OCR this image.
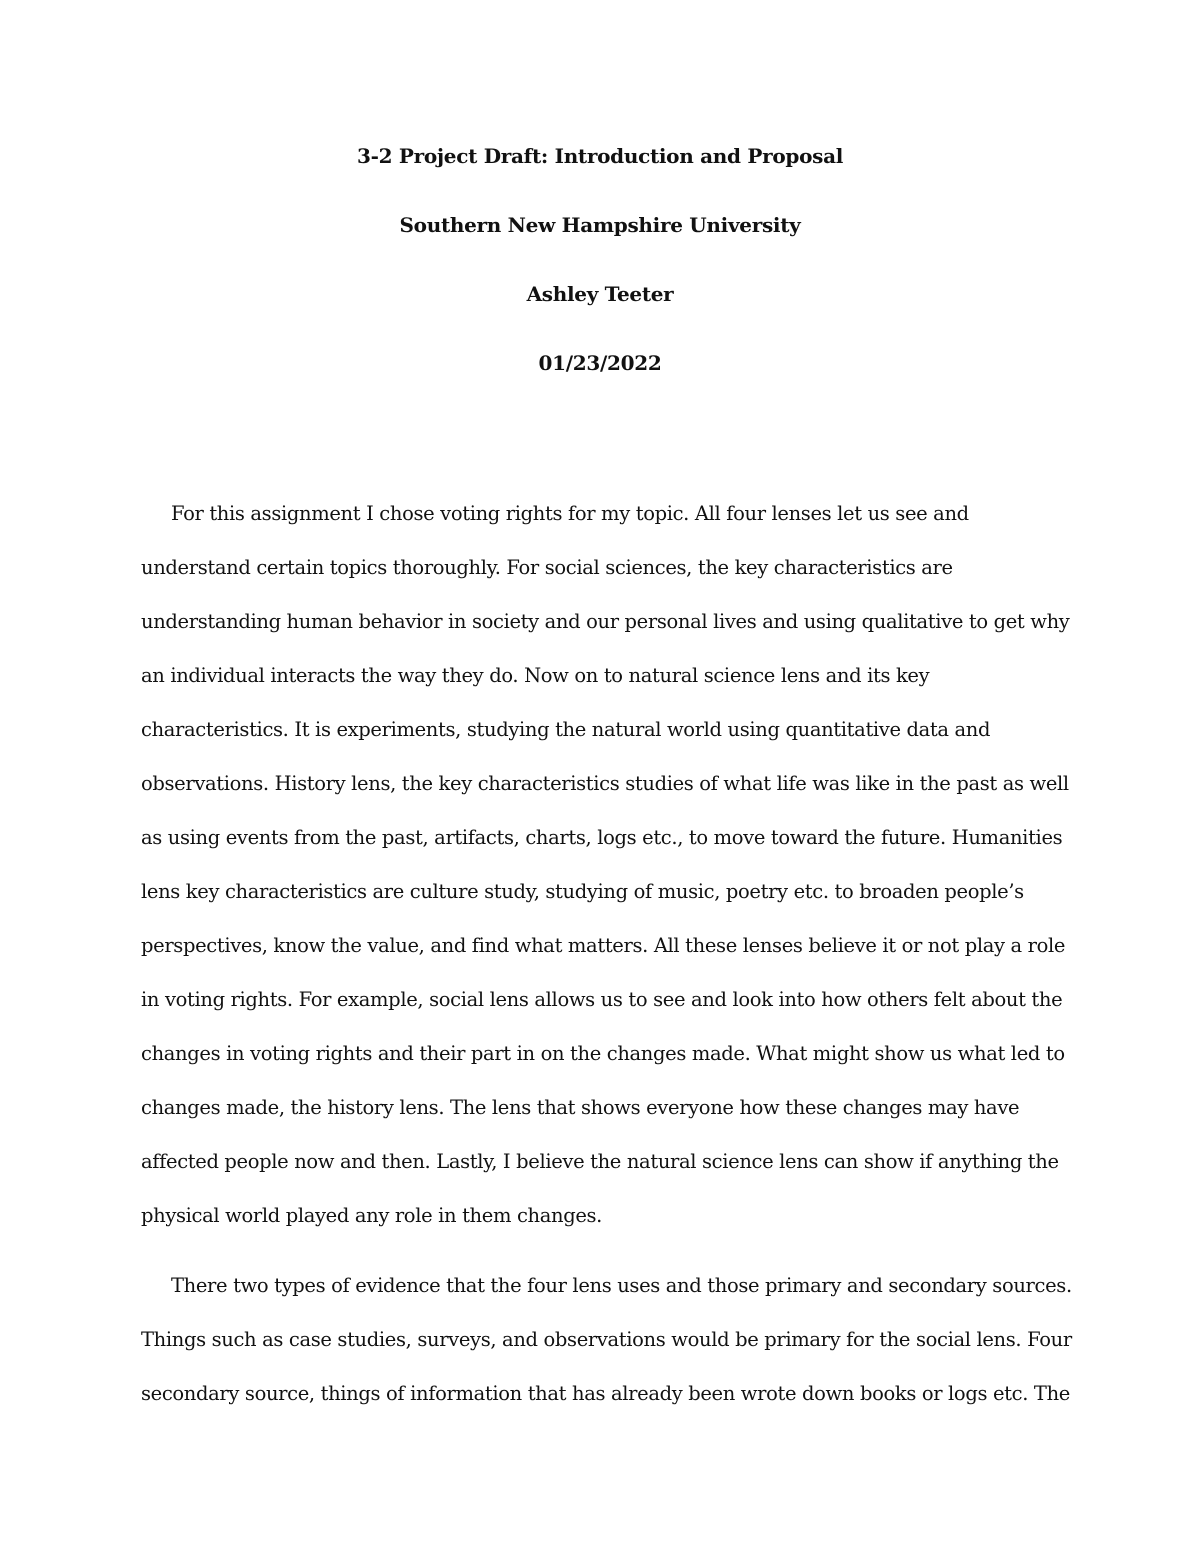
3-2 Project Draft: Introduction and Proposal
Southern New Hampshire University
Ashley Teeter
01/23/2022
For this assignment I chose voting rights for my topic. All four lenses let us see and
understand certain topics thoroughly. For social sciences, the key characteristics are
understanding human behavior in society and our personal lives and using qualitative to get why
an individual interacts the way they do. Now on to natural science lens and its key
characteristics. It is experiments, studying the natural world using quantitative data and
observations. History lens, the key characteristics studies of what life was like in the past as well
as using events from the past, artifacts, charts, logs etc., to move toward the future. Humanities
lens key characteristics are culture study, studying of music, poetry etc. to broaden people’s
perspectives, know the value, and find what matters. All these lenses believe it or not play a role
in voting rights. For example, social lens allows us to see and look into how others felt about the
changes in voting rights and their part in on the changes made. What might show us what led to
changes made, the history lens. The lens that shows everyone how these changes may have
affected people now and then. Lastly, I believe the natural science lens can show if anything the
physical world played any role in them changes.
There two types of evidence that the four lens uses and those primary and secondary sources.
Things such as case studies, surveys, and observations would be primary for the social lens. Four
secondary source, things of information that has already been wrote down books or logs etc. The
